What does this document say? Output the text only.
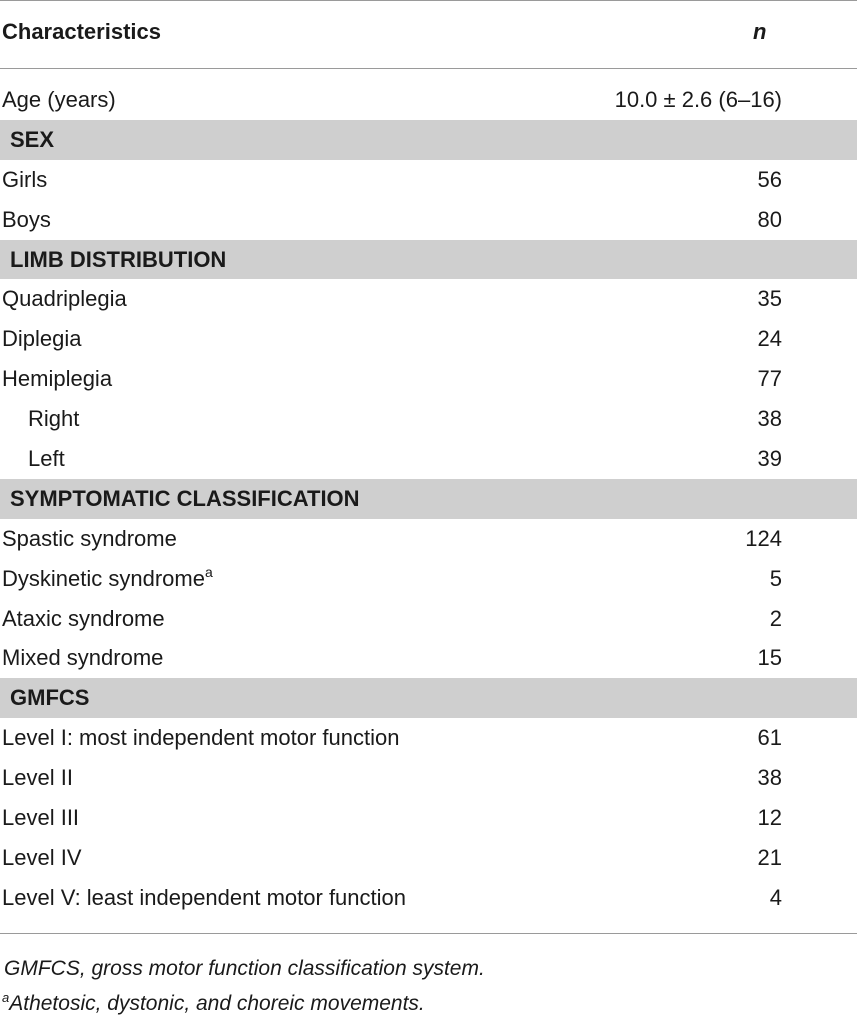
Characteristics	n
Age (years)	10.0 ± 2.6 (6–16)
SEX
Girls	56
Boys	80
LIMB DISTRIBUTION
Quadriplegia	35
Diplegia	24
Hemiplegia	77
Right	38
Left	39
SYMPTOMATIC CLASSIFICATION
Spastic syndrome	124
Dyskinetic syndrome$^a$	5
Ataxic syndrome	2
Mixed syndrome	15
GMFCS
Level I: most independent motor function	61
Level II	38
Level III	12
Level IV	21
Level V: least independent motor function	4
GMFCS, gross motor function classification system.
$^a$Athetosic, dystonic, and choreic movements.
